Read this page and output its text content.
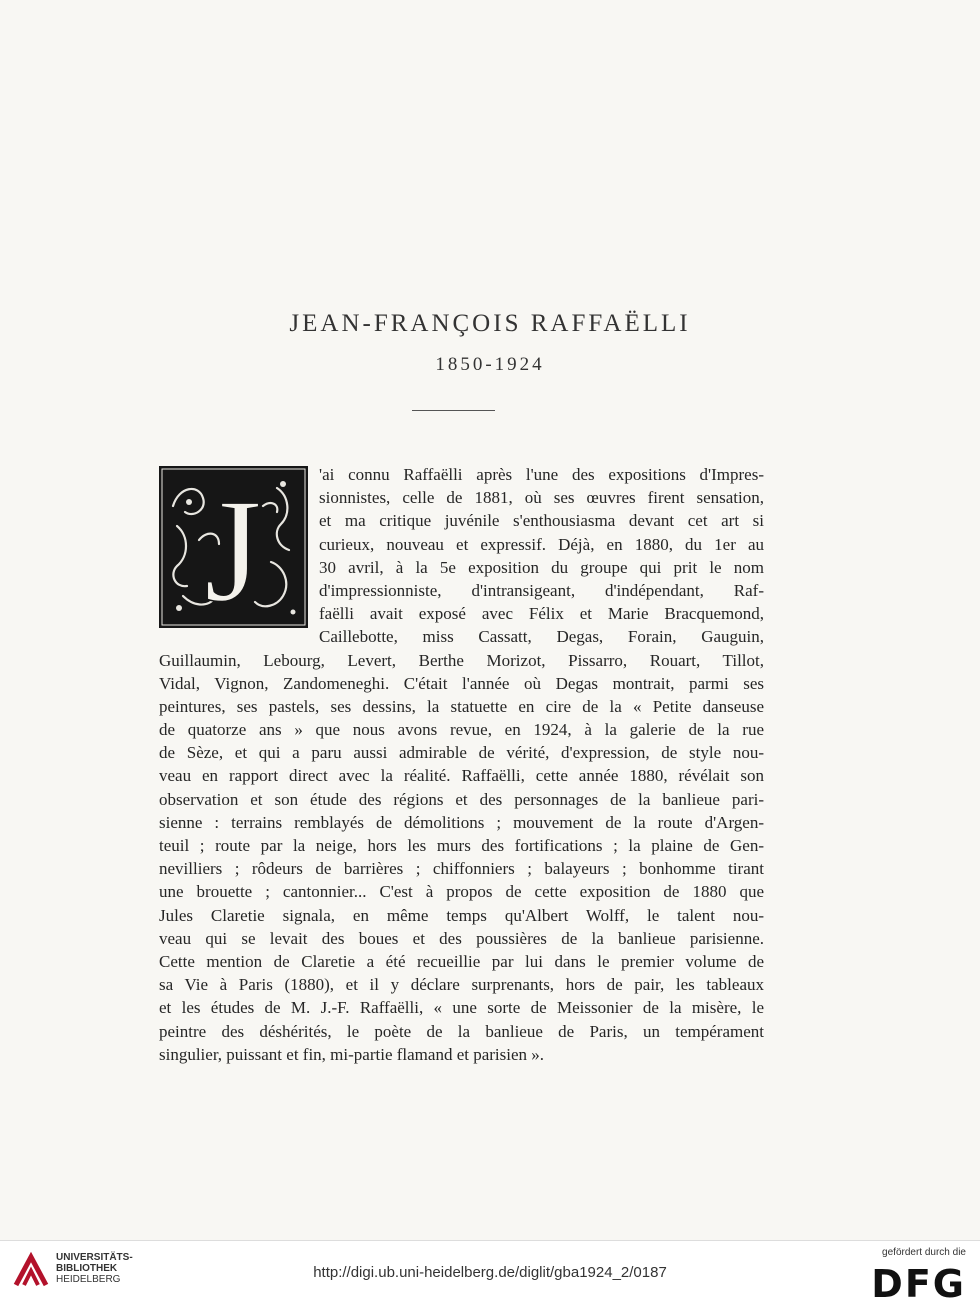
JEAN-FRANÇOIS RAFFAËLLI
1850-1924
J	'ai connu Raffaëlli après l'une des expositions d'Impres-
sionnistes, celle de 1881, où ses œuvres firent sensation,
et ma critique juvénile s'enthousiasma devant cet art si
curieux, nouveau et expressif. Déjà, en 1880, du 1er au
30 avril, à la 5e exposition du groupe qui prit le nom
d'impressionniste, d'intransigeant, d'indépendant, Raf-
faëlli avait exposé avec Félix et Marie Bracquemond,
Caillebotte, miss Cassatt, Degas, Forain, Gauguin,
Guillaumin, Lebourg, Levert, Berthe Morizot, Pissarro, Rouart, Tillot,
Vidal, Vignon, Zandomeneghi. C'était l'année où Degas montrait, parmi ses
peintures, ses pastels, ses dessins, la statuette en cire de la « Petite danseuse
de quatorze ans » que nous avons revue, en 1924, à la galerie de la rue
de Sèze, et qui a paru aussi admirable de vérité, d'expression, de style nou-
veau en rapport direct avec la réalité. Raffaëlli, cette année 1880, révélait son
observation et son étude des régions et des personnages de la banlieue pari-
sienne : terrains remblayés de démolitions ; mouvement de la route d'Argen-
teuil ; route par la neige, hors les murs des fortifications ; la plaine de Gen-
nevilliers ; rôdeurs de barrières ; chiffonniers ; balayeurs ; bonhomme tirant
une brouette ; cantonnier... C'est à propos de cette exposition de 1880 que
Jules Claretie signala, en même temps qu'Albert Wolff, le talent nou-
veau qui se levait des boues et des poussières de la banlieue parisienne.
Cette mention de Claretie a été recueillie par lui dans le premier volume de
sa Vie à Paris (1880), et il y déclare surprenants, hors de pair, les tableaux
et les études de M. J.-F. Raffaëlli, « une sorte de Meissonier de la misère, le
peintre des déshérités, le poète de la banlieue de Paris, un tempérament
singulier, puissant et fin, mi-partie flamand et parisien ».
UNIVERSITÄTS-
BIBLIOTHEK
HEIDELBERG	http://digi.ub.uni-heidelberg.de/diglit/gba1924_2/0187
gefördert durch die
DFG
